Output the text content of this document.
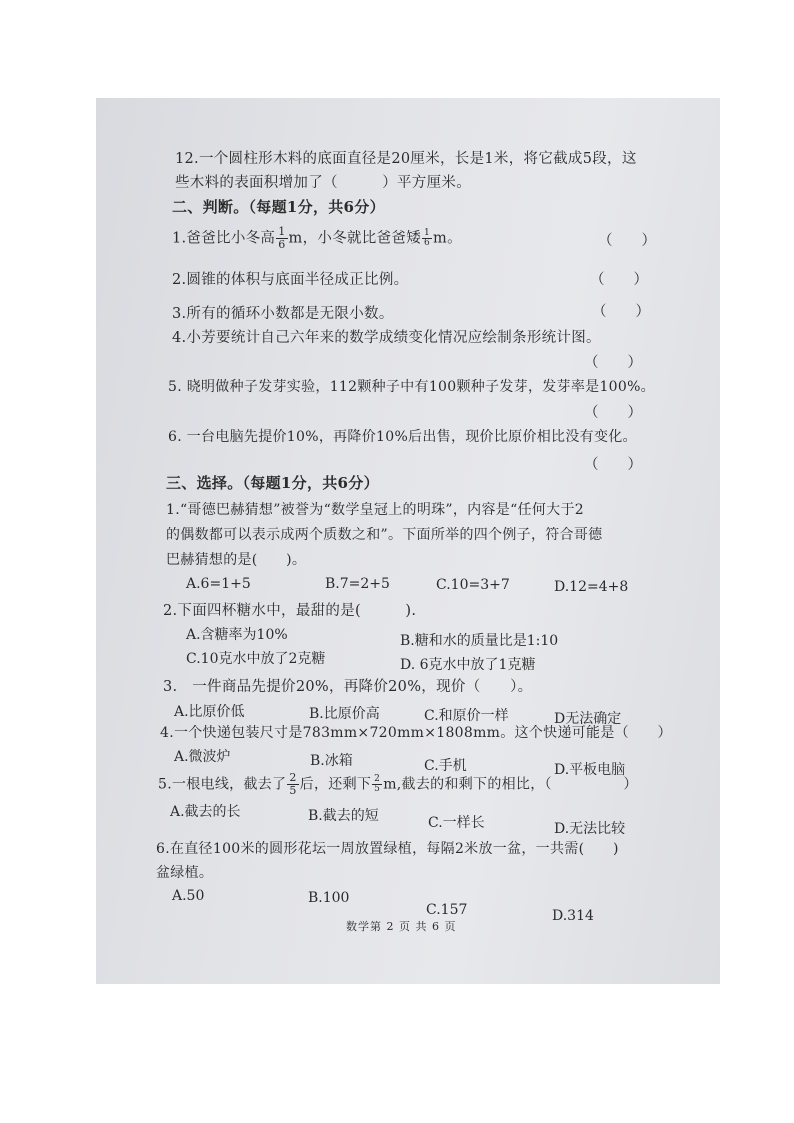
12.一个圆柱形木料的底面直径是20厘米，长是1米，将它截成5段，这
些木料的表面积增加了（　　　）平方厘米。
二、判断。（每题1分，共6分）
1.爸爸比小冬高 $\frac{1}{6}$ m，小冬就比爸爸矮 $\frac{1}{6}$ m。	（　　）
2.圆锥的体积与底面半径成正比例。	（　　）
3.所有的循环小数都是无限小数。	（　　）
4.小芳要统计自己六年来的数学成绩变化情况应绘制条形统计图。
（　　）
5. 晓明做种子发芽实验，112颗种子中有100颗种子发芽，发芽率是100%。
（　　）
6. 一台电脑先提价10%，再降价10%后出售，现价比原价相比没有变化。
（　　）
三、选择。（每题1分，共6分）
1.“哥德巴赫猜想”被誉为“数学皇冠上的明珠”，内容是“任何大于2
的偶数都可以表示成两个质数之和”。下面所举的四个例子，符合哥德
巴赫猜想的是(　　)。
A.6=1+5	B.7=2+5	C.10=3+7	D.12=4+8
2.下面四杯糖水中，最甜的是(　　　).
A.含糖率为10%	B.糖和水的质量比是1:10
C.10克水中放了2克糖	D. 6克水中放了1克糖
3.　一件商品先提价20%，再降价20%，现价（　　）。
A.比原价低	B.比原价高	C.和原价一样	D无法确定
4.一个快递包装尺寸是783mm×720mm×1808mm。这个快递可能是（　　）
A.微波炉	B.冰箱	C.手机	D.平板电脑
5.一根电线，截去了 $\frac{2}{5}$ 后，还剩下 $\frac{2}{5} m$,截去的和剩下的相比，（　　　　　）
A.截去的长	B.截去的短	C.一样长	D.无法比较
6.在直径100米的圆形花坛一周放置绿植，每隔2米放一盆，一共需(　　)
盆绿植。
A.50	B.100
C.157	D.314
数学第 2 页 共 6 页
